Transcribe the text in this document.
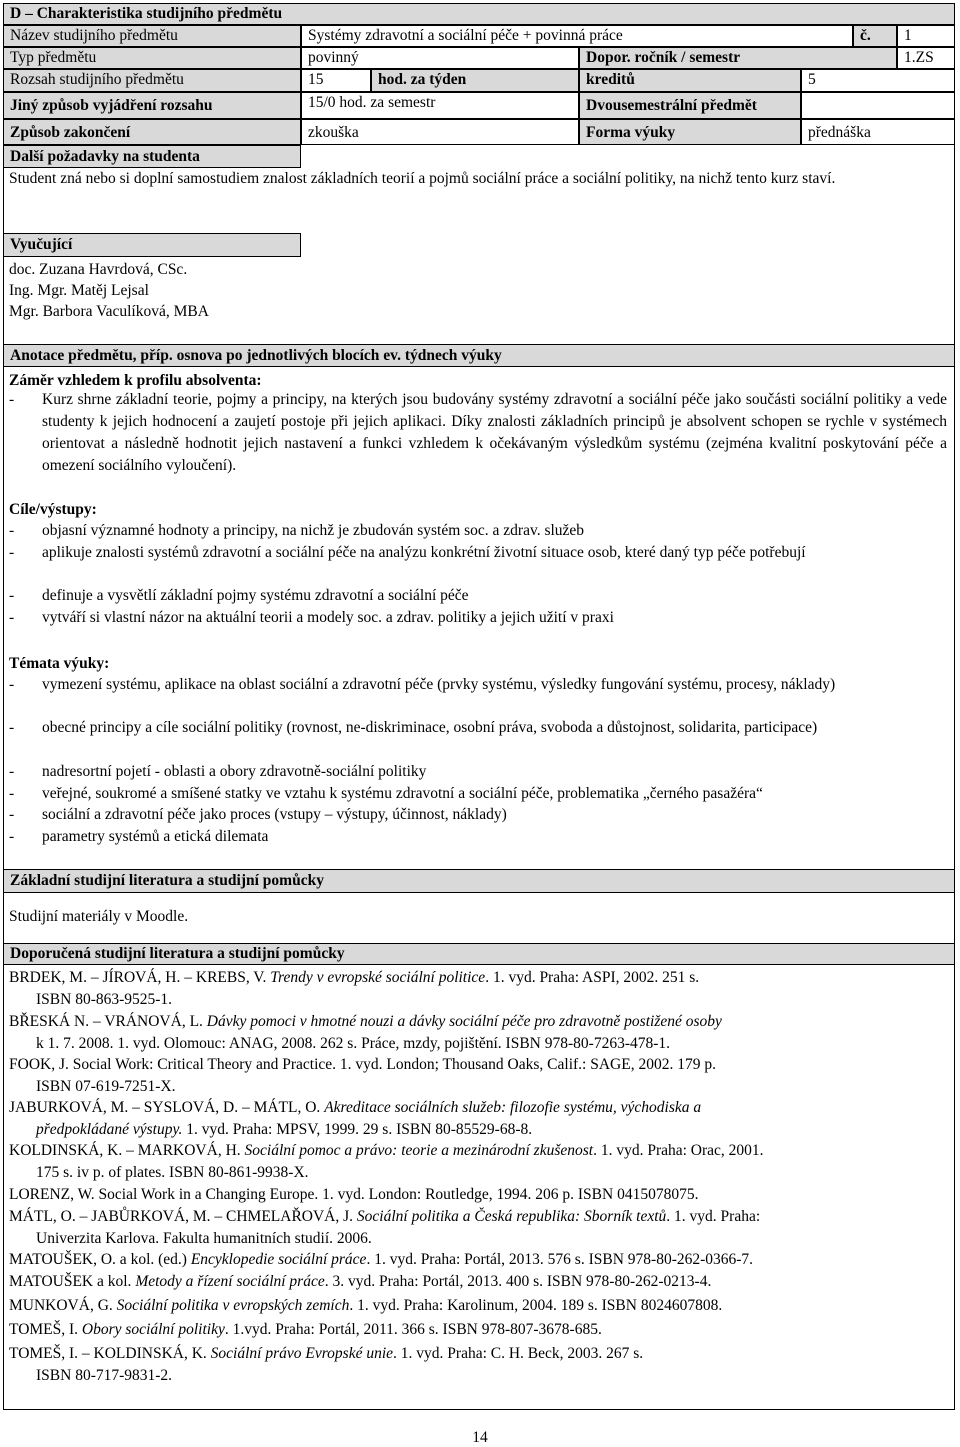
D – Charakteristika studijního předmětu
Název studijního předmětu	Systémy zdravotní a sociální péče + povinná práce	č. 1
Typ předmětu	povinný	Dopor. ročník / semestr	1.ZS
Rozsah studijního předmětu	15	hod. za týden	kreditů	5
Jiný způsob vyjádření rozsahu	15/0 hod. za semestr	Dvousemestrální předmět
Způsob zakončení	zkouška	Forma výuky	přednáška
Další požadavky na studenta
Student zná nebo si doplní samostudiem znalost základních teorií a pojmů sociální práce a sociální politiky, na nichž tento kurz staví.
Vyučující
doc. Zuzana Havrdová, CSc.
Ing. Mgr. Matěj Lejsal
Mgr. Barbora Vaculíková, MBA
Anotace předmětu, příp. osnova po jednotlivých blocích ev. týdnech výuky
Záměr vzhledem k profilu absolventa:
-	Kurz shrne základní teorie, pojmy a principy, na kterých jsou budovány systémy zdravotní a sociální péče jako součásti sociální politiky a vede studenty k jejich hodnocení a zaujetí postoje při jejich aplikaci. Díky znalosti základních principů je absolvent schopen se rychle v systémech orientovat a následně hodnotit jejich nastavení a funkci vzhledem k očekávaným výsledkům systému (zejména kvalitní poskytování péče a omezení sociálního vyloučení).
Cíle/výstupy:
-	objasní významné hodnoty a principy, na nichž je zbudován systém soc. a zdrav. služeb
-	aplikuje znalosti systémů zdravotní a sociální péče na analýzu konkrétní životní situace osob, které daný typ péče potřebují
-	definuje a vysvětlí základní pojmy systému zdravotní a sociální péče
-	vytváří si vlastní názor na aktuální teorii a modely soc. a zdrav. politiky a jejich užití v praxi
Témata výuky:
-	vymezení systému, aplikace na oblast sociální a zdravotní péče (prvky systému, výsledky fungování systému, procesy, náklady)
-	obecné principy a cíle sociální politiky (rovnost, ne-diskriminace, osobní práva, svoboda a důstojnost, solidarita, participace)
-	nadresortní pojetí - oblasti a obory zdravotně-sociální politiky
-	veřejné, soukromé a smíšené statky ve vztahu k systému zdravotní a sociální péče, problematika „černého pasažéra“
-	sociální a zdravotní péče jako proces (vstupy – výstupy, účinnost, náklady)
-	parametry systémů a etická dilemata
Základní studijní literatura a studijní pomůcky
Studijní materiály v Moodle.
Doporučená studijní literatura a studijní pomůcky
BRDEK, M. – JÍROVÁ, H. – KREBS, V. Trendy v evropské sociální politice. 1. vyd. Praha: ASPI, 2002. 251 s.
ISBN 80-863-9525-1.
BŘESKÁ N. – VRÁNOVÁ, L. Dávky pomoci v hmotné nouzi a dávky sociální péče pro zdravotně postižené osoby
k 1. 7. 2008. 1. vyd. Olomouc: ANAG, 2008. 262 s. Práce, mzdy, pojištění. ISBN 978-80-7263-478-1.
FOOK, J. Social Work: Critical Theory and Practice. 1. vyd. London; Thousand Oaks, Calif.: SAGE, 2002. 179 p.
ISBN 07-619-7251-X.
JABURKOVÁ, M. – SYSLOVÁ, D. – MÁTL, O. Akreditace sociálních služeb: filozofie systému, východiska a
předpokládané výstupy. 1. vyd. Praha: MPSV, 1999. 29 s. ISBN 80-85529-68-8.
KOLDINSKÁ, K. – MARKOVÁ, H. Sociální pomoc a právo: teorie a mezinárodní zkušenost. 1. vyd. Praha: Orac, 2001.
175 s. iv p. of plates. ISBN 80-861-9938-X.
LORENZ, W. Social Work in a Changing Europe. 1. vyd. London: Routledge, 1994. 206 p. ISBN 0415078075.
MÁTL, O. – JABŮRKOVÁ, M. – CHMELAŘOVÁ, J. Sociální politika a Česká republika: Sborník textů. 1. vyd. Praha:
Univerzita Karlova. Fakulta humanitních studií. 2006.
MATOUŠEK, O. a kol. (ed.) Encyklopedie sociální práce. 1. vyd. Praha: Portál, 2013. 576 s. ISBN 978-80-262-0366-7.
MATOUŠEK a kol. Metody a řízení sociální práce. 3. vyd. Praha: Portál, 2013. 400 s. ISBN 978-80-262-0213-4.
MUNKOVÁ, G. Sociální politika v evropských zemích. 1. vyd. Praha: Karolinum, 2004. 189 s. ISBN 8024607808.
TOMEŠ, I. Obory sociální politiky. 1.vyd. Praha: Portál, 2011. 366 s. ISBN 978-807-3678-685.
TOMEŠ, I. – KOLDINSKÁ, K. Sociální právo Evropské unie. 1. vyd. Praha: C. H. Beck, 2003. 267 s.
ISBN 80-717-9831-2.
14
